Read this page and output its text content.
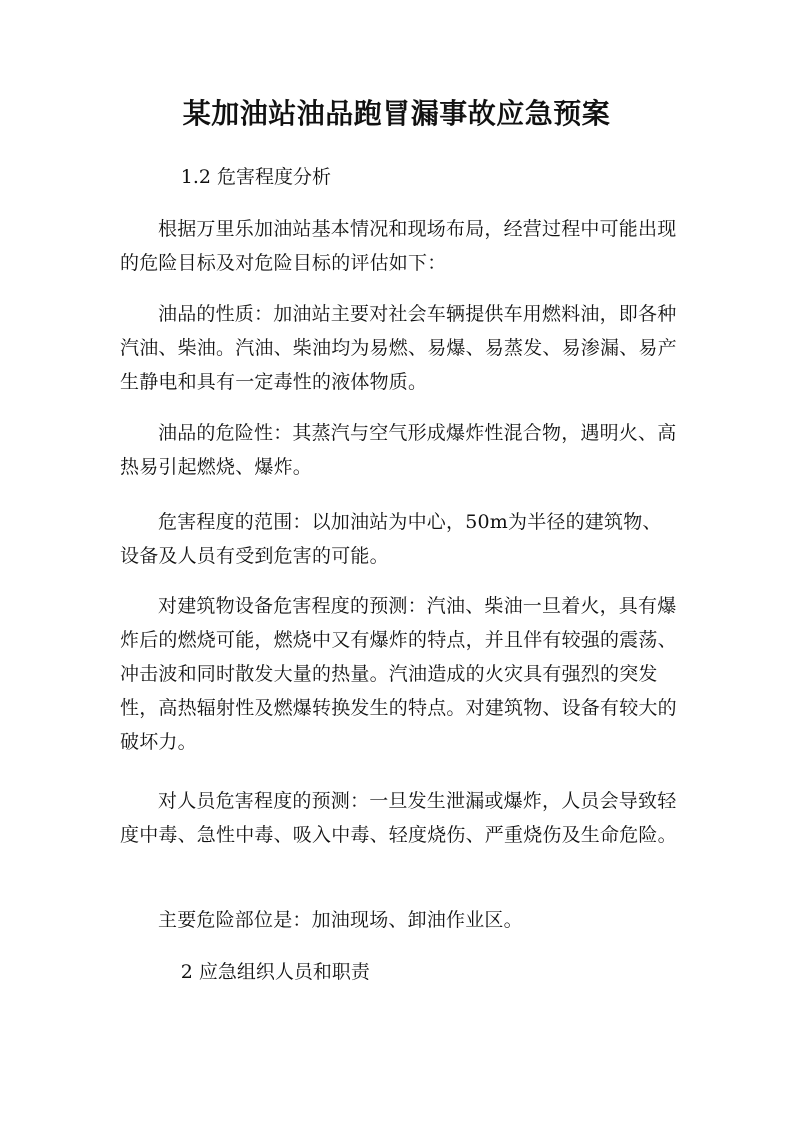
某加油站油品跑冒漏事故应急预案

1.2 危害程度分析

根据万里乐加油站基本情况和现场布局，经营过程中可能出现的危险目标及对危险目标的评估如下：

油品的性质：加油站主要对社会车辆提供车用燃料油，即各种汽油、柴油。汽油、柴油均为易燃、易爆、易蒸发、易渗漏、易产生静电和具有一定毒性的液体物质。

油品的危险性：其蒸汽与空气形成爆炸性混合物，遇明火、高热易引起燃烧、爆炸。

危害程度的范围：以加油站为中心，50m为半径的建筑物、设备及人员有受到危害的可能。

对建筑物设备危害程度的预测：汽油、柴油一旦着火，具有爆炸后的燃烧可能，燃烧中又有爆炸的特点，并且伴有较强的震荡、冲击波和同时散发大量的热量。汽油造成的火灾具有强烈的突发性，高热辐射性及燃爆转换发生的特点。对建筑物、设备有较大的破坏力。

对人员危害程度的预测：一旦发生泄漏或爆炸，人员会导致轻度中毒、急性中毒、吸入中毒、轻度烧伤、严重烧伤及生命危险。

主要危险部位是：加油现场、卸油作业区。

2 应急组织人员和职责
